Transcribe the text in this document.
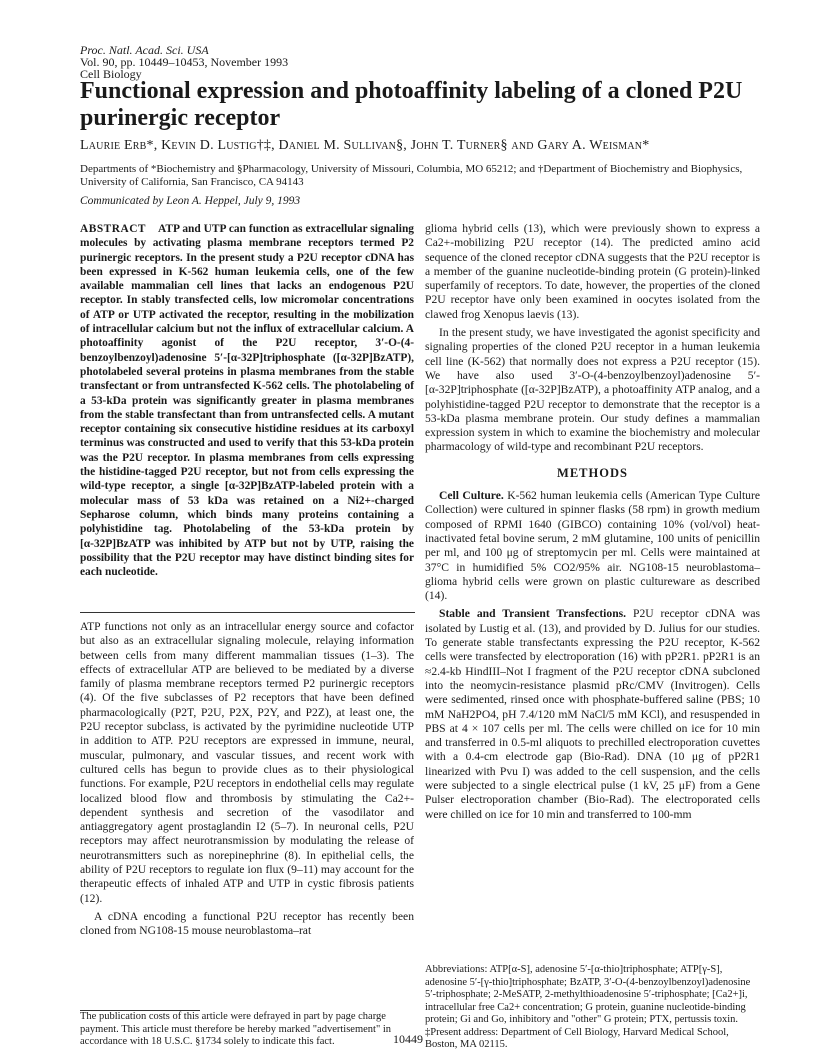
Proc. Natl. Acad. Sci. USA
Vol. 90, pp. 10449–10453, November 1993
Cell Biology
Functional expression and photoaffinity labeling of a cloned P2U purinergic receptor
Laurie Erb*, Kevin D. Lustig†‡, Daniel M. Sullivan§, John T. Turner§ and Gary A. Weisman*
Departments of *Biochemistry and §Pharmacology, University of Missouri, Columbia, MO 65212; and †Department of Biochemistry and Biophysics, University of California, San Francisco, CA 94143
Communicated by Leon A. Heppel, July 9, 1993

ABSTRACT ATP and UTP can function as extracellular signaling molecules by activating plasma membrane receptors termed P2 purinergic receptors. In the present study a P2U receptor cDNA has been expressed in K-562 human leukemia cells, one of the few available mammalian cell lines that lacks an endogenous P2U receptor. In stably transfected cells, low micromolar concentrations of ATP or UTP activated the receptor, resulting in the mobilization of intracellular calcium but not the influx of extracellular calcium. A photoaffinity agonist of the P2U receptor, 3′-O-(4-benzoylbenzoyl)adenosine 5′-[α-32P]triphosphate ([α-32P]BzATP), photolabeled several proteins in plasma membranes from the stable transfectant or from untransfected K-562 cells. The photolabeling of a 53-kDa protein was significantly greater in plasma membranes from the stable transfectant than from untransfected cells. A mutant receptor containing six consecutive histidine residues at its carboxyl terminus was constructed and used to verify that this 53-kDa protein was the P2U receptor. In plasma membranes from cells expressing the histidine-tagged P2U receptor, but not from cells expressing the wild-type receptor, a single [α-32P]BzATP-labeled protein with a molecular mass of 53 kDa was retained on a Ni2+-charged Sepharose column, which binds many proteins containing a polyhistidine tag. Photolabeling of the 53-kDa protein by [α-32P]BzATP was inhibited by ATP but not by UTP, raising the possibility that the P2U receptor may have distinct binding sites for each nucleotide.

ATP functions not only as an intracellular energy source and cofactor but also as an extracellular signaling molecule, relaying information between cells from many different mammalian tissues (1–3). The effects of extracellular ATP are believed to be mediated by a diverse family of plasma membrane receptors termed P2 purinergic receptors (4). Of the five subclasses of P2 receptors that have been defined pharmacologically (P2T, P2U, P2X, P2Y, and P2Z), at least one, the P2U receptor subclass, is activated by the pyrimidine nucleotide UTP in addition to ATP. P2U receptors are expressed in immune, neural, muscular, pulmonary, and vascular tissues, and recent work with cultured cells has begun to provide clues as to their physiological functions. For example, P2U receptors in endothelial cells may regulate localized blood flow and thrombosis by stimulating the Ca2+-dependent synthesis and secretion of the vasodilator and antiaggregatory agent prostaglandin I2 (5–7). In neuronal cells, P2U receptors may affect neurotransmission by modulating the release of neurotransmitters such as norepinephrine (8). In epithelial cells, the ability of P2U receptors to regulate ion flux (9–11) may account for the therapeutic effects of inhaled ATP and UTP in cystic fibrosis patients (12).

A cDNA encoding a functional P2U receptor has recently been cloned from NG108-15 mouse neuroblastoma–rat

glioma hybrid cells (13), which were previously shown to express a Ca2+-mobilizing P2U receptor (14). The predicted amino acid sequence of the cloned receptor cDNA suggests that the P2U receptor is a member of the guanine nucleotide-binding protein (G protein)-linked superfamily of receptors. To date, however, the properties of the cloned P2U receptor have only been examined in oocytes isolated from the clawed frog Xenopus laevis (13).

In the present study, we have investigated the agonist specificity and signaling properties of the cloned P2U receptor in a human leukemia cell line (K-562) that normally does not express a P2U receptor (15). We have also used 3′-O-(4-benzoylbenzoyl)adenosine 5′-[α-32P]triphosphate ([α-32P]BzATP), a photoaffinity ATP analog, and a polyhistidine-tagged P2U receptor to demonstrate that the receptor is a 53-kDa plasma membrane protein. Our study defines a mammalian expression system in which to examine the biochemistry and molecular pharmacology of wild-type and recombinant P2U receptors.

METHODS

Cell Culture. K-562 human leukemia cells (American Type Culture Collection) were cultured in spinner flasks (58 rpm) in growth medium composed of RPMI 1640 (GIBCO) containing 10% (vol/vol) heat-inactivated fetal bovine serum, 2 mM glutamine, 100 units of penicillin per ml, and 100 μg of streptomycin per ml. Cells were maintained at 37°C in humidified 5% CO2/95% air. NG108-15 neuroblastoma–glioma hybrid cells were grown on plastic cultureware as described (14).

Stable and Transient Transfections. P2U receptor cDNA was isolated by Lustig et al. (13), and provided by D. Julius for our studies. To generate stable transfectants expressing the P2U receptor, K-562 cells were transfected by electroporation (16) with pP2R1. pP2R1 is an ≈2.4-kb HindIII–Not I fragment of the P2U receptor cDNA subcloned into the neomycin-resistance plasmid pRc/CMV (Invitrogen). Cells were sedimented, rinsed once with phosphate-buffered saline (PBS; 10 mM NaH2PO4, pH 7.4/120 mM NaCl/5 mM KCl), and resuspended in PBS at 4 × 107 cells per ml. The cells were chilled on ice for 10 min and transferred in 0.5-ml aliquots to prechilled electroporation cuvettes with a 0.4-cm electrode gap (Bio-Rad). DNA (10 μg of pP2R1 linearized with Pvu I) was added to the cell suspension, and the cells were subjected to a single electrical pulse (1 kV, 25 μF) from a Gene Pulser electroporation chamber (Bio-Rad). The electroporated cells were chilled on ice for 10 min and transferred to 100-mm

Abbreviations: ATP[α-S], adenosine 5′-[α-thio]triphosphate; ATP[γ-S], adenosine 5′-[γ-thio]triphosphate; BzATP, 3′-O-(4-benzoylbenzoyl)adenosine 5′-triphosphate; 2-MeSATP, 2-methylthioadenosine 5′-triphosphate; [Ca2+]i, intracellular free Ca2+ concentration; G protein, guanine nucleotide-binding protein; Gi and Go, inhibitory and "other" G protein; PTX, pertussis toxin.

‡Present address: Department of Cell Biology, Harvard Medical School, Boston, MA 02115.

The publication costs of this article were defrayed in part by page charge payment. This article must therefore be hereby marked "advertisement" in accordance with 18 U.S.C. §1734 solely to indicate this fact.	10449
